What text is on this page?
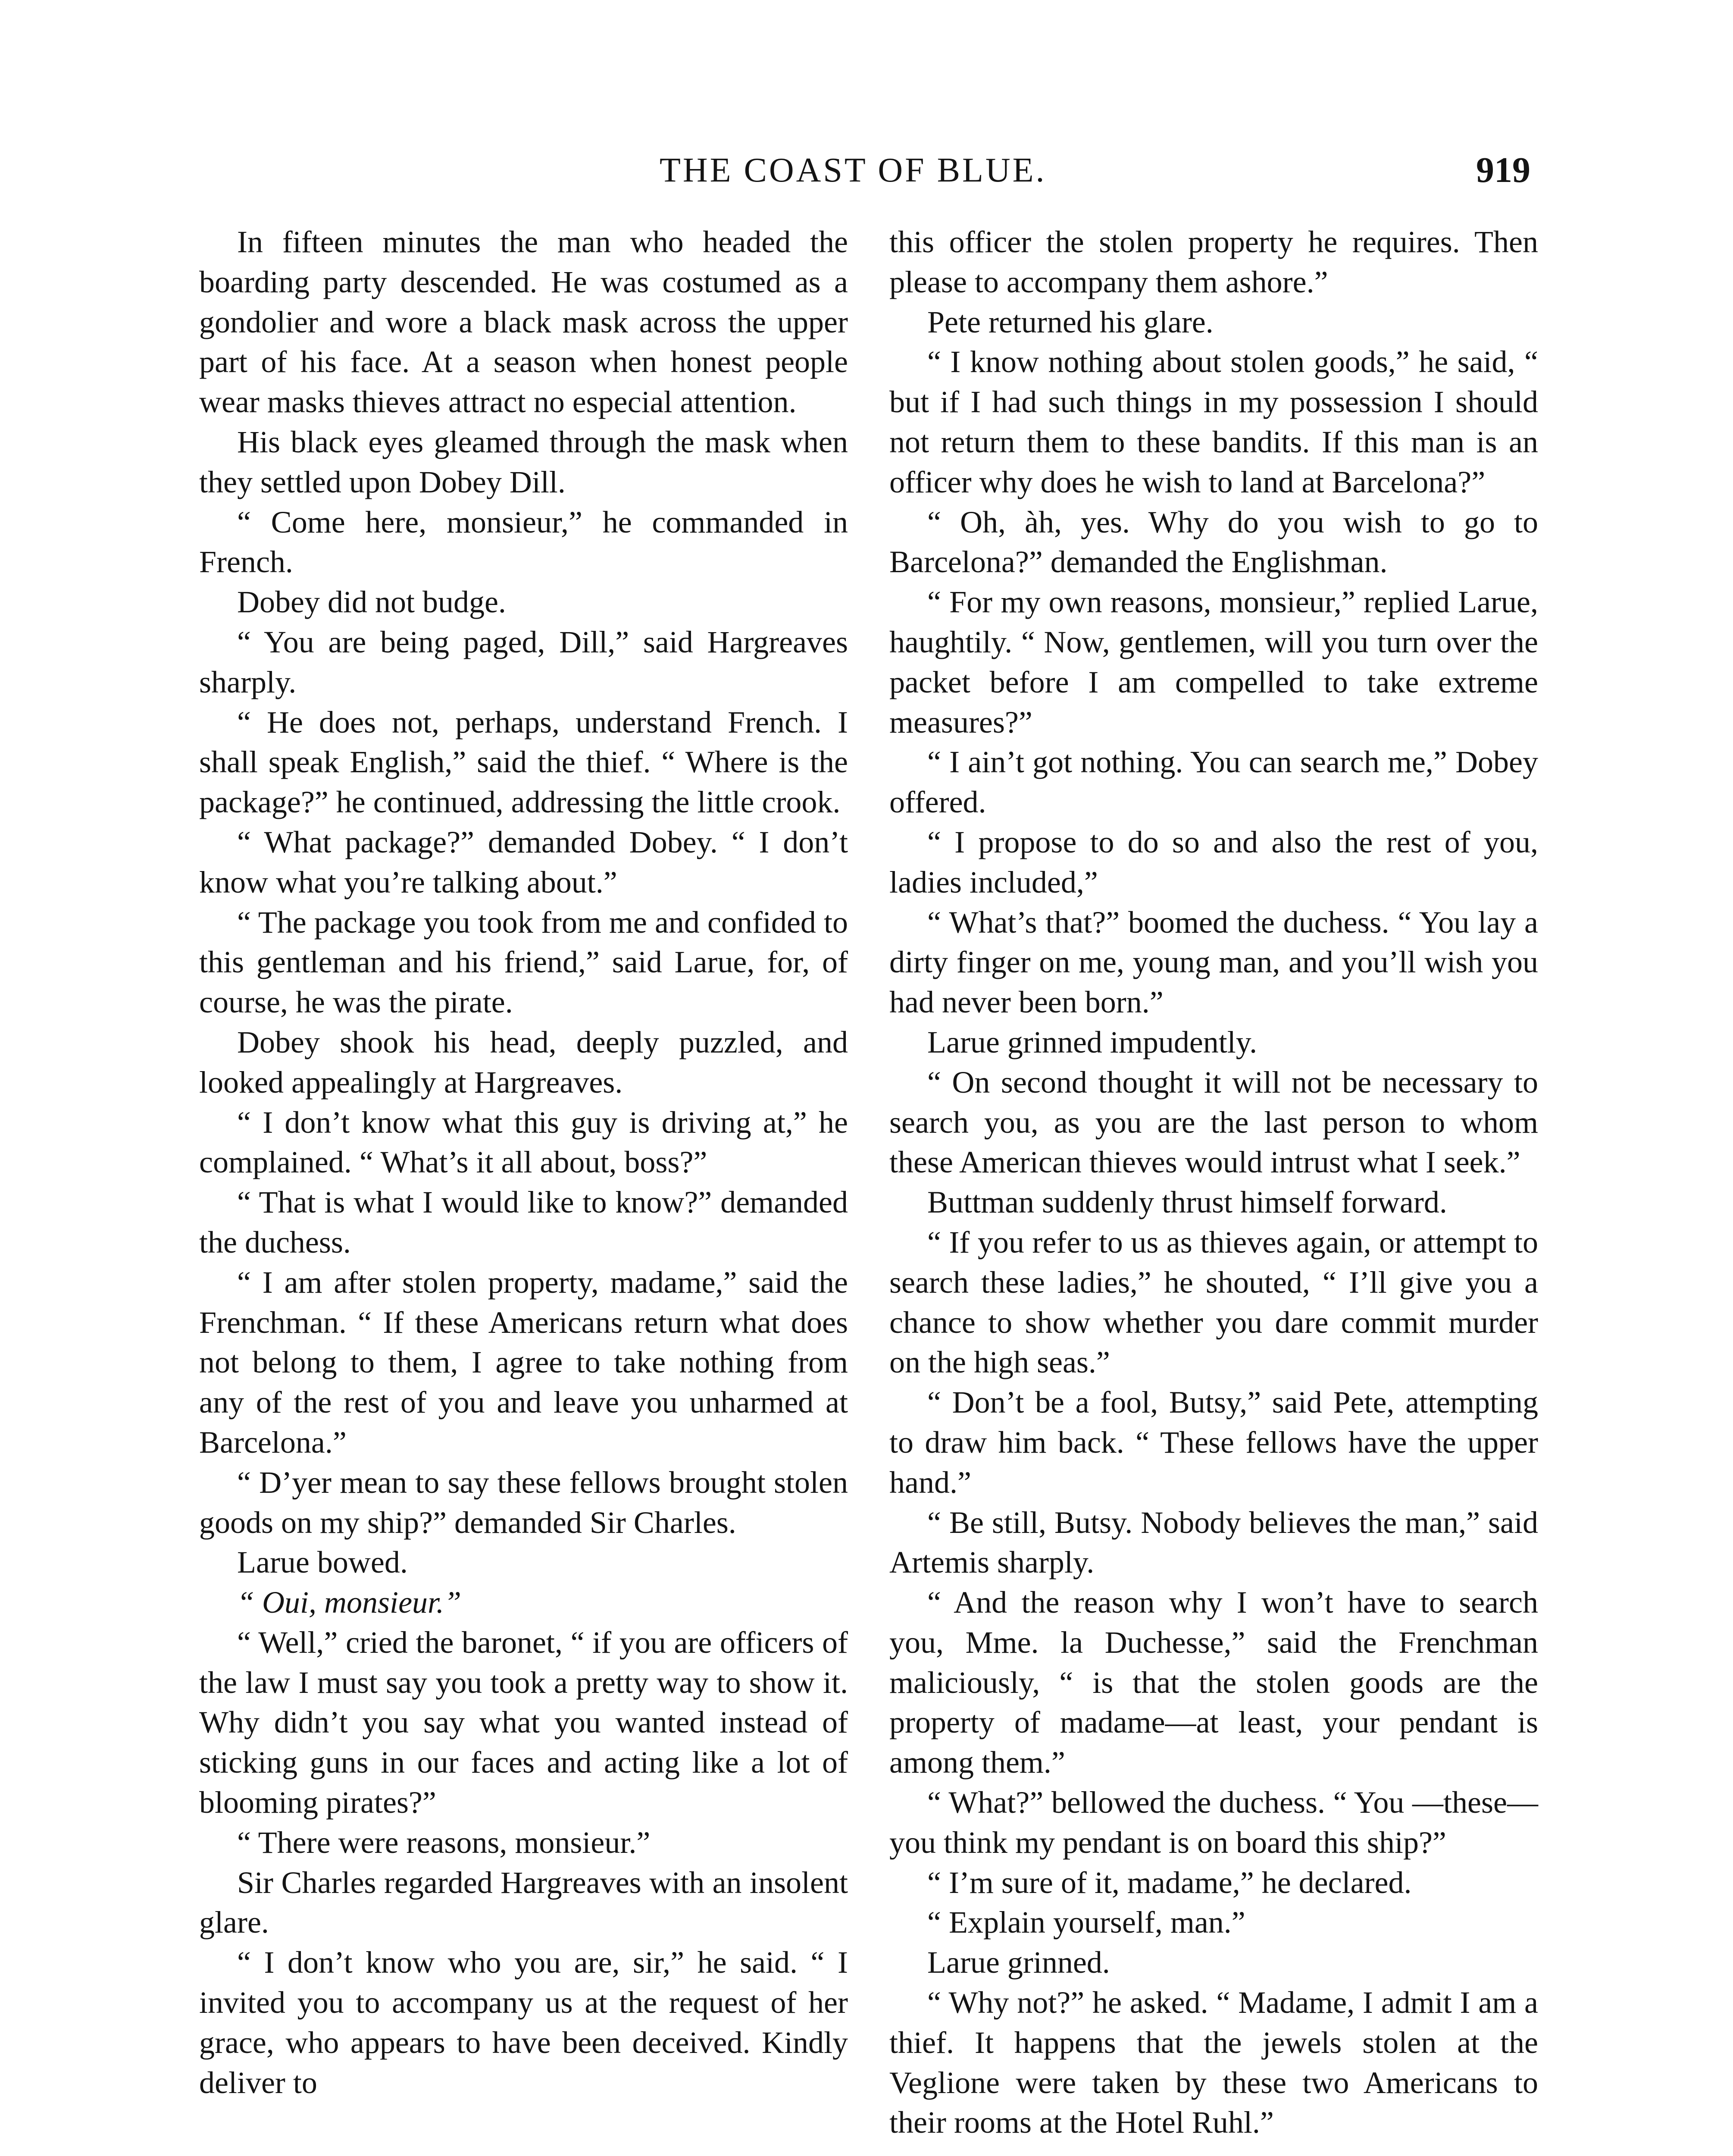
THE COAST OF BLUE.	919

In fifteen minutes the man who headed the boarding party descended. He was costumed as a gondolier and wore a black mask across the upper part of his face. At a season when honest people wear masks thieves attract no especial attention.

His black eyes gleamed through the mask when they settled upon Dobey Dill.

“ Come here, monsieur,” he commanded in French.

Dobey did not budge.

“ You are being paged, Dill,” said Hargreaves sharply.

“ He does not, perhaps, understand French. I shall speak English,” said the thief. “ Where is the package?” he continued, addressing the little crook.

“ What package?” demanded Dobey. “ I don’t know what you’re talking about.”

“ The package you took from me and confided to this gentleman and his friend,” said Larue, for, of course, he was the pirate.

Dobey shook his head, deeply puzzled, and looked appealingly at Hargreaves.

“ I don’t know what this guy is driving at,” he complained. “ What’s it all about, boss?”

“ That is what I would like to know?” demanded the duchess.

“ I am after stolen property, madame,” said the Frenchman. “ If these Americans return what does not belong to them, I agree to take nothing from any of the rest of you and leave you unharmed at Barcelona.”

“ D’yer mean to say these fellows brought stolen goods on my ship?” demanded Sir Charles.

Larue bowed.

“ Oui, monsieur.”

“ Well,” cried the baronet, “ if you are officers of the law I must say you took a pretty way to show it. Why didn’t you say what you wanted instead of sticking guns in our faces and acting like a lot of blooming pirates?”

“ There were reasons, monsieur.”

Sir Charles regarded Hargreaves with an insolent glare.

“ I don’t know who you are, sir,” he said. “ I invited you to accompany us at the request of her grace, who appears to have been deceived. Kindly deliver to

this officer the stolen property he requires. Then please to accompany them ashore.”

Pete returned his glare.

“ I know nothing about stolen goods,” he said, “ but if I had such things in my possession I should not return them to these bandits. If this man is an officer why does he wish to land at Barcelona?”

“ Oh, àh, yes. Why do you wish to go to Barcelona?” demanded the Englishman.

“ For my own reasons, monsieur,” replied Larue, haughtily. “ Now, gentlemen, will you turn over the packet before I am compelled to take extreme measures?”

“ I ain’t got nothing. You can search me,” Dobey offered.

“ I propose to do so and also the rest of you, ladies included,”

“ What’s that?” boomed the duchess. “ You lay a dirty finger on me, young man, and you’ll wish you had never been born.”

Larue grinned impudently.

“ On second thought it will not be necessary to search you, as you are the last person to whom these American thieves would intrust what I seek.”

Buttman suddenly thrust himself forward.

“ If you refer to us as thieves again, or attempt to search these ladies,” he shouted, “ I’ll give you a chance to show whether you dare commit murder on the high seas.”

“ Don’t be a fool, Butsy,” said Pete, attempting to draw him back. “ These fellows have the upper hand.”

“ Be still, Butsy. Nobody believes the man,” said Artemis sharply.

“ And the reason why I won’t have to search you, Mme. la Duchesse,” said the Frenchman maliciously, “ is that the stolen goods are the property of madame—at least, your pendant is among them.”

“ What?” bellowed the duchess. “ You —these—you think my pendant is on board this ship?”

“ I’m sure of it, madame,” he declared.

“ Explain yourself, man.”

Larue grinned.

“ Why not?” he asked. “ Madame, I admit I am a thief. It happens that the jewels stolen at the Veglione were taken by these two Americans to their rooms at the Hotel Ruhl.”
